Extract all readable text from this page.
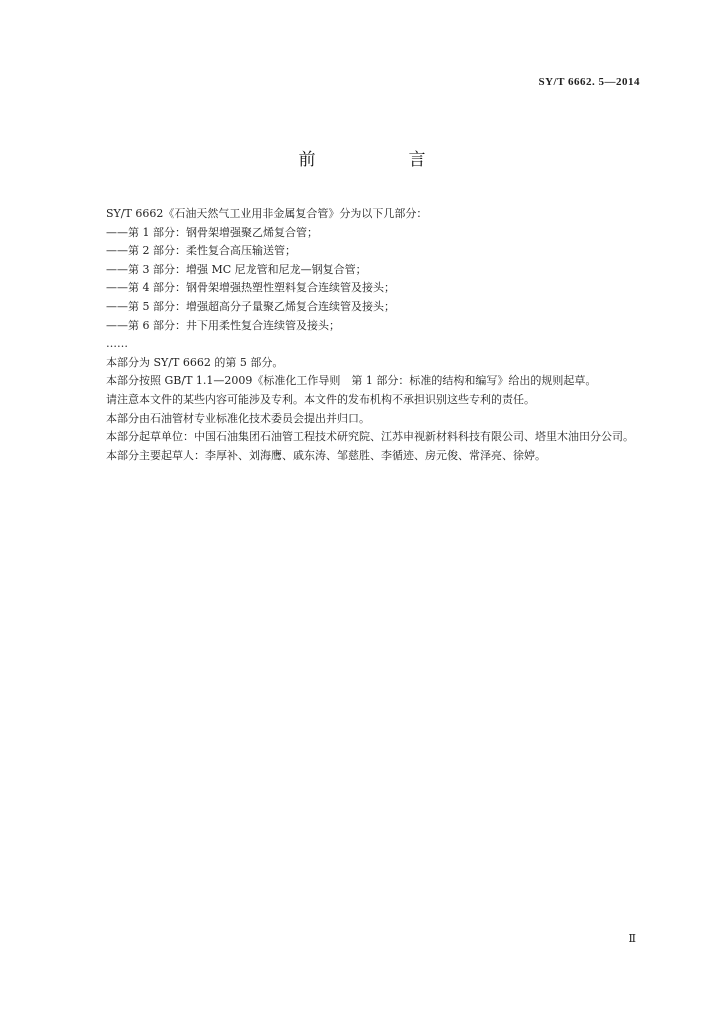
SY/T 6662. 5—2014
前　言

SY/T 6662《石油天然气工业用非金属复合管》分为以下几部分：

——第 1 部分：钢骨架增强聚乙烯复合管；

——第 2 部分：柔性复合高压输送管；

——第 3 部分：增强 MC 尼龙管和尼龙—钢复合管；

——第 4 部分：钢骨架增强热塑性塑料复合连续管及接头；

——第 5 部分：增强超高分子量聚乙烯复合连续管及接头；

——第 6 部分：井下用柔性复合连续管及接头；

……

本部分为 SY/T 6662 的第 5 部分。

本部分按照 GB/T 1.1—2009《标准化工作导则　第 1 部分：标准的结构和编写》给出的规则起草。

请注意本文件的某些内容可能涉及专利。本文件的发布机构不承担识别这些专利的责任。

本部分由石油管材专业标准化技术委员会提出并归口。

本部分起草单位：中国石油集团石油管工程技术研究院、江苏申视新材料科技有限公司、塔里木油田分公司。

本部分主要起草人：李厚补、刘海鹰、戚东涛、邹慈胜、李循迹、房元俊、常泽亮、徐婷。

Ⅱ
